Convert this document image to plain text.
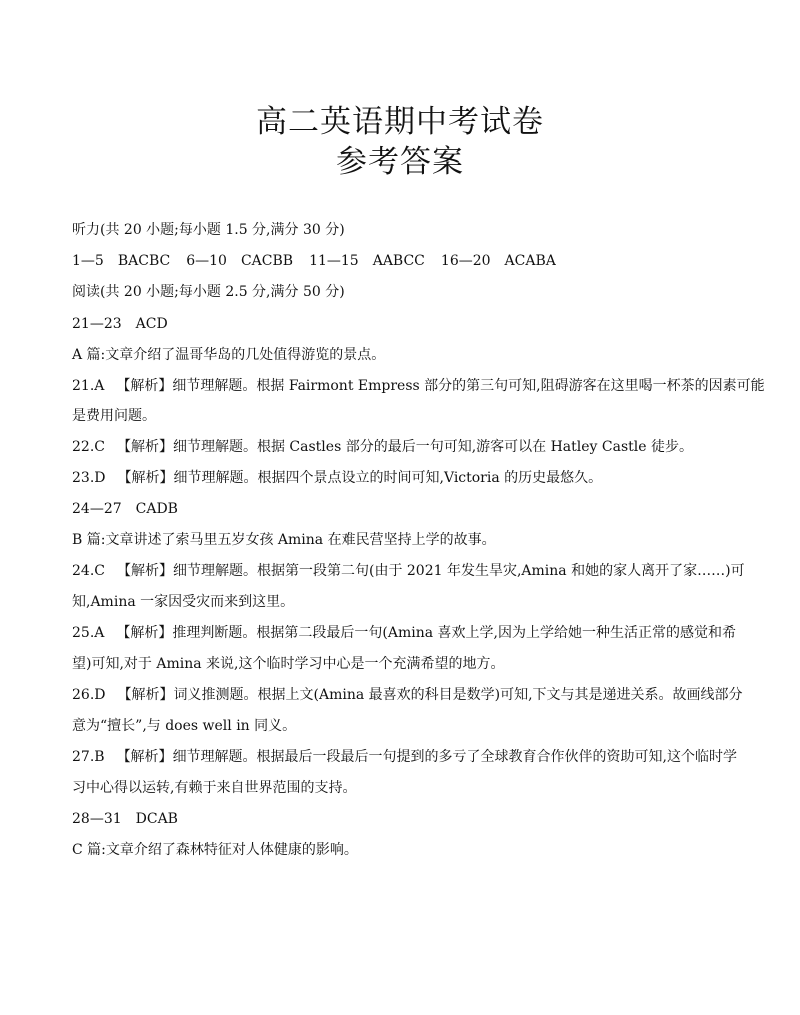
高二英语期中考试卷
参考答案
听力(共 20 小题;每小题 1.5 分,满分 30 分)
1—5 BACBC 6—10 CACBB 11—15 AABCC 16—20 ACABA
阅读(共 20 小题;每小题 2.5 分,满分 50 分)
21—23　ACD
A 篇:文章介绍了温哥华岛的几处值得游览的景点。
21.A 【解析】细节理解题。根据 Fairmont Empress 部分的第三句可知,阻碍游客在这里喝一杯茶的因素可能
是费用问题。
22.C 【解析】细节理解题。根据 Castles 部分的最后一句可知,游客可以在 Hatley Castle 徒步。
23.D 【解析】细节理解题。根据四个景点设立的时间可知,Victoria 的历史最悠久。
24—27　CADB
B 篇:文章讲述了索马里五岁女孩 Amina 在难民营坚持上学的故事。
24.C 【解析】细节理解题。根据第一段第二句(由于 2021 年发生旱灾,Amina 和她的家人离开了家……)可
知,Amina 一家因受灾而来到这里。
25.A 【解析】推理判断题。根据第二段最后一句(Amina 喜欢上学,因为上学给她一种生活正常的感觉和希
望)可知,对于 Amina 来说,这个临时学习中心是一个充满希望的地方。
26.D 【解析】词义推测题。根据上文(Amina 最喜欢的科目是数学)可知,下文与其是递进关系。故画线部分
意为“擅长”,与 does well in 同义。
27.B 【解析】细节理解题。根据最后一段最后一句提到的多亏了全球教育合作伙伴的资助可知,这个临时学
习中心得以运转,有赖于来自世界范围的支持。
28—31　DCAB
C 篇:文章介绍了森林特征对人体健康的影响。
